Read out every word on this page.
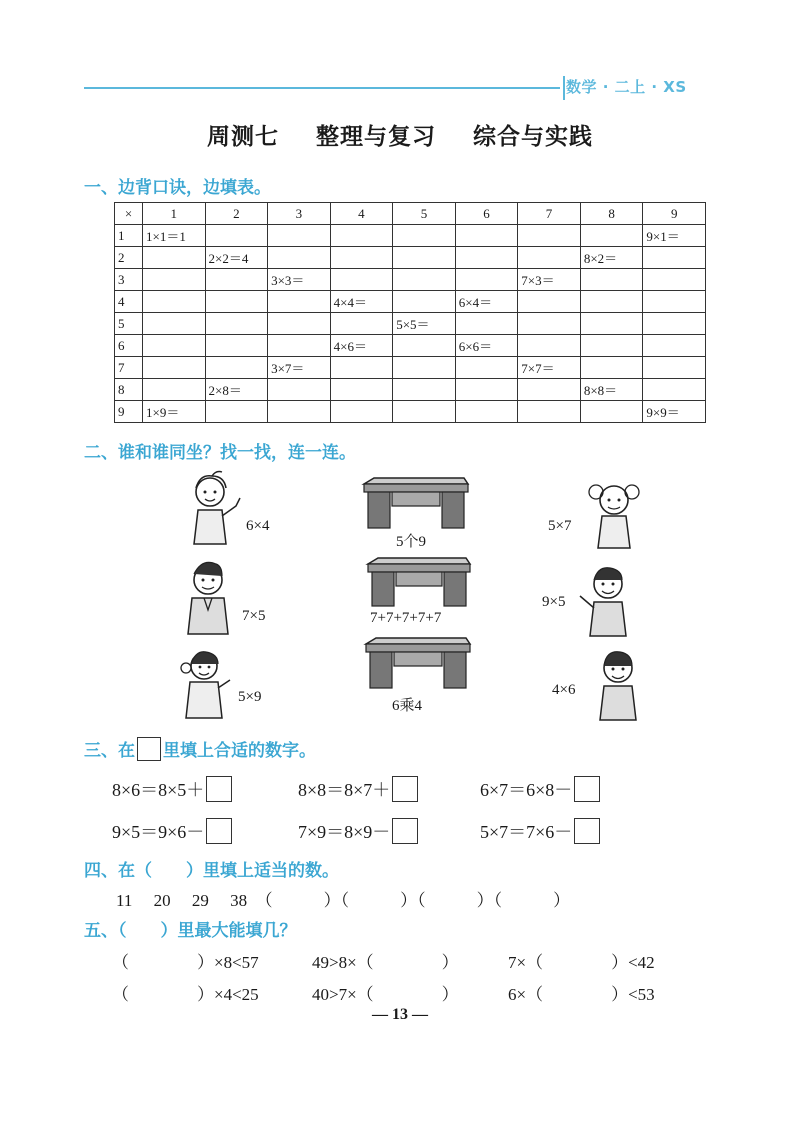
数学 · 二上 · XS
周测七 整理与复习 综合与实践
一、边背口诀，边填表。
×	1	2	3	4	5	6	7	8	9
1	1×1＝1								9×1＝
2		2×2＝4						8×2＝	
3			3×3＝				7×3＝		
4				4×4＝		6×4＝			
5					5×5＝				
6				4×6＝		6×6＝			
7			3×7＝				7×7＝		
8		2×8＝						8×8＝	
9	1×9＝								9×9＝
二、谁和谁同坐？找一找，连一连。
6×4
7×5
5×9
5个9
7+7+7+7+7
6乘4
5×7
9×5
4×6
三、在 里填上合适的数字。
8×6＝8×5＋	8×8＝8×7＋	6×7＝6×8－
9×5＝9×6－	7×9＝8×9－	5×7＝7×6－
四、在（　　）里填上适当的数。
11　 20　 29　 38　（　　　）（　　　）（　　　）（　　　）
五、（　　）里最大能填几？
（　　　　）×8<57	49>8×（　　　　）	7×（　　　　）<42
（　　　　）×4<25	40>7×（　　　　）	6×（　　　　）<53
— 13 —
